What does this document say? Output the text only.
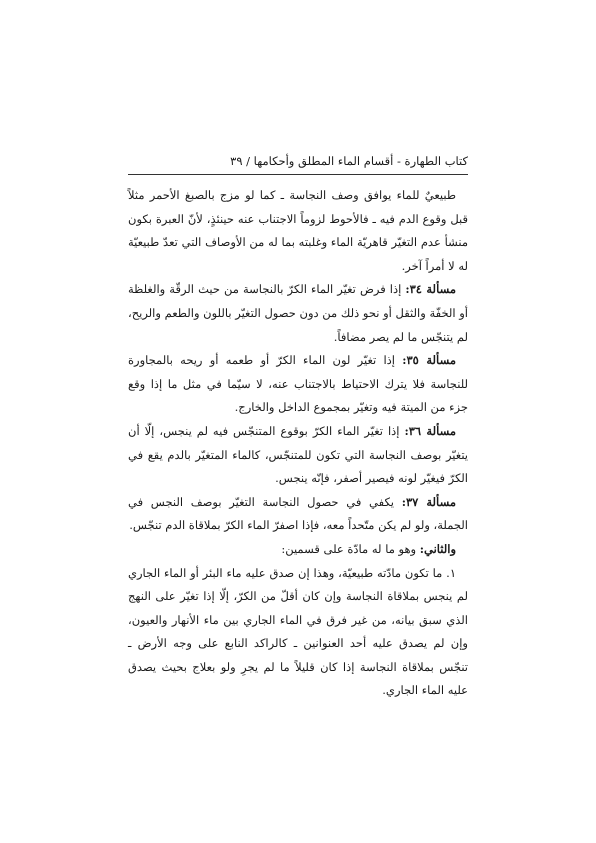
كتاب الطهارة - أقسام الماء المطلق وأحكامها / ٣٩

طبيعيٌ للماء يوافق وصف النجاسة ـ كما لو مزج بالصبغ الأحمر مثلاً قبل وقوع الدم فيه ـ فالأحوط لزوماً الاجتناب عنه حينئذٍ، لأنّ العبرة بكون منشأ عدم التغيّر قاهريّة الماء وغلبته بما له من الأوصاف التي تعدّ طبيعيّة له لا أمراً آخر.

مسألة ٣٤: إذا فرض تغيّر الماء الكرّ بالنجاسة من حيث الرقّة والغلظة أو الخفّة والثقل أو نحو ذلك من دون حصول التغيّر باللون والطعم والريح، لم يتنجّس ما لم يصر مضافاً.

مسألة ٣٥: إذا تغيّر لون الماء الكرّ أو طعمه أو ريحه بالمجاورة للنجاسة فلا يترك الاحتياط بالاجتناب عنه، لا سيّما في مثل ما إذا وقع جزء من الميتة فيه وتغيّر بمجموع الداخل والخارج.

مسألة ٣٦: إذا تغيّر الماء الكرّ بوقوع المتنجّس فيه لم ينجس، إلّا أن يتغيّر بوصف النجاسة التي تكون للمتنجّس، كالماء المتغيّر بالدم يقع في الكرّ فيغيّر لونه فيصير أصفر، فإنّه ينجس.

مسألة ٣٧: يكفي في حصول النجاسة التغيّر بوصف النجس في الجملة، ولو لم يكن متّحداً معه، فإذا اصفرّ الماء الكرّ بملاقاة الدم تنجّس.

والثاني: وهو ما له مادّة على قسمين:

١. ما تكون مادّته طبيعيّة، وهذا إن صدق عليه ماء البئر أو الماء الجاري لم ينجس بملاقاة النجاسة وإن كان أقلّ من الكرّ، إلّا إذا تغيّر على النهج الذي سبق بيانه، من غير فرق في الماء الجاري بين ماء الأنهار والعيون، وإن لم يصدق عليه أحد العنوانين ـ كالراكد النابع على وجه الأرض ـ تنجّس بملاقاة النجاسة إذا كان قليلاً ما لم يجرِ ولو بعلاج بحيث يصدق عليه الماء الجاري.
